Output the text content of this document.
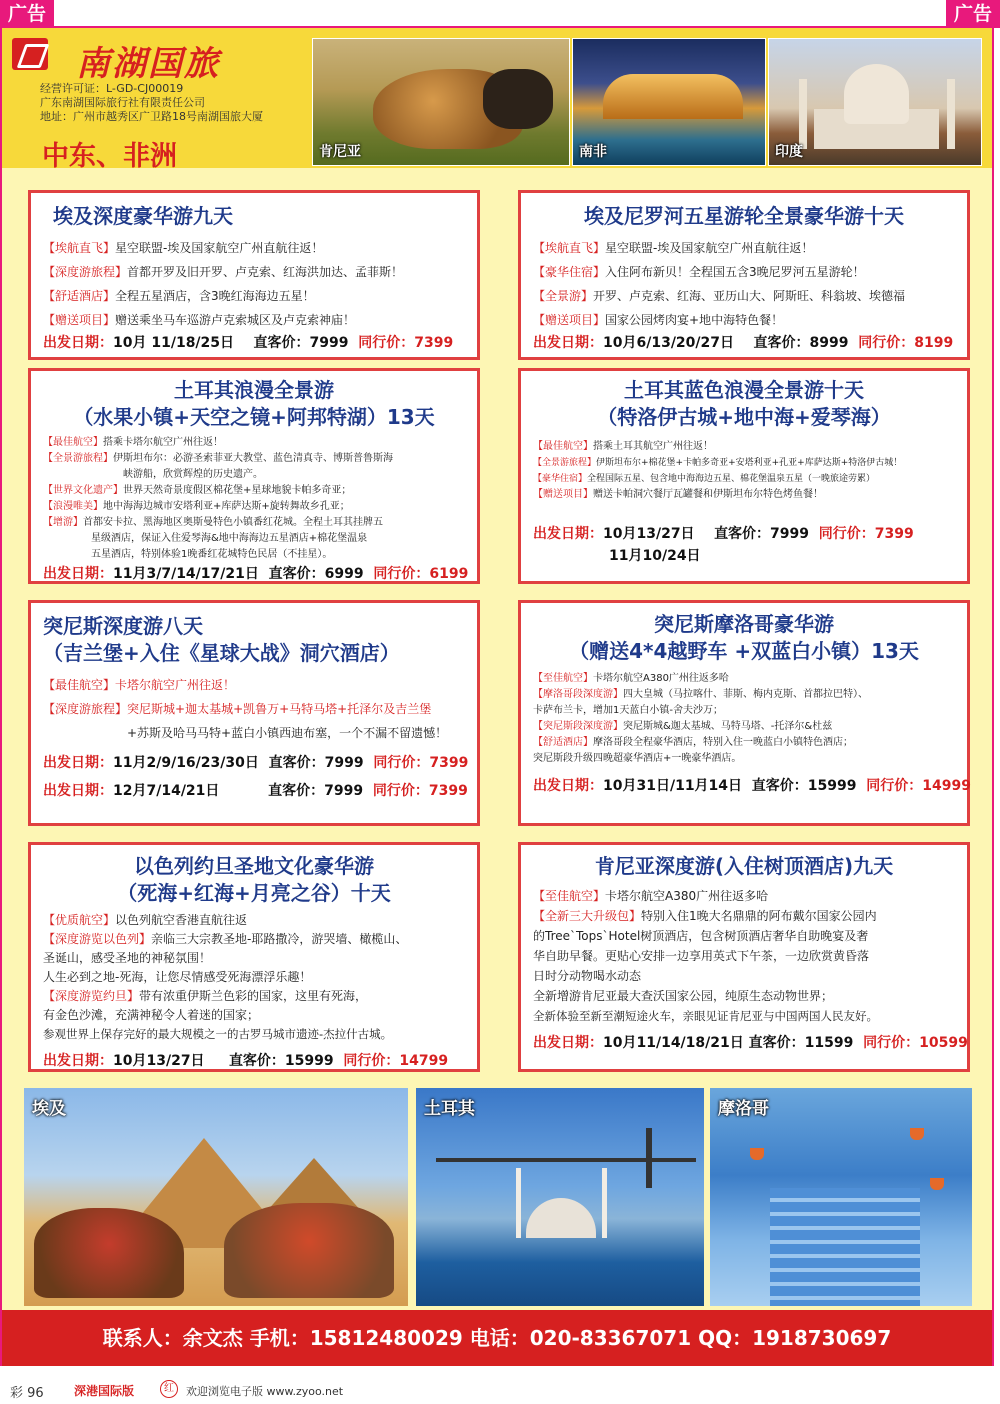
广告	广告
南湖国旅
经营许可证：L-GD-CJ00019
广东南湖国际旅行社有限责任公司
地址：广州市越秀区广卫路18号南湖国旅大厦
中东、非洲	肯尼亚	南非	印度
埃及深度豪华游九天
【埃航直飞】星空联盟-埃及国家航空广州直航往返！
【深度游旅程】首都开罗及旧开罗、卢克索、红海洪加达、孟菲斯！
【舒适酒店】全程五星酒店，含3晚红海海边五星！
【赠送项目】赠送乘坐马车巡游卢克索城区及卢克索神庙！
出发日期：10月 11/18/25日 直客价：7999 同行价：7399
埃及尼罗河五星游轮全景豪华游十天
【埃航直飞】星空联盟-埃及国家航空广州直航往返！
【豪华住宿】入住阿布新贝！全程国五含3晚尼罗河五星游轮！
【全景游】开罗、卢克索、红海、亚历山大、阿斯旺、科翁坡、埃德福
【赠送项目】国家公园烤肉宴+地中海特色餐！
出发日期：10月6/13/20/27日 直客价：8999 同行价：8199
土耳其浪漫全景游
（水果小镇+天空之镜+阿邦特湖）13天
【最佳航空】搭乘卡塔尔航空广州往返！
【全景游旅程】伊斯坦布尔：必游圣索菲亚大教堂、蓝色清真寺、博斯普鲁斯海
峡游船，欣赏辉煌的历史遗产。
【世界文化遗产】世界天然奇景度假区棉花堡+星球地貌卡帕多奇亚；
【浪漫唯美】地中海海边城市安塔利亚+库萨达斯+旋转舞故乡孔亚；
【增游】首都安卡拉、黑海地区奥斯曼特色小镇番红花城。全程土耳其挂牌五
星级酒店，保证入住爱琴海&地中海海边五星酒店+棉花堡温泉
五星酒店，特别体验1晚番红花城特色民居（不挂星）。
出发日期：11月3/7/14/17/21日 直客价：6999 同行价：6199
土耳其蓝色浪漫全景游十天
（特洛伊古城+地中海+爱琴海）
【最佳航空】搭乘土耳其航空广州往返！
【全景游旅程】伊斯坦布尔+棉花堡+卡帕多奇亚+安塔利亚+孔亚+库萨达斯+特洛伊古城！
【豪华住宿】全程国际五星、包含地中海海边五星、棉花堡温泉五星（一晚旅途劳累）
【赠送项目】赠送卡帕洞穴餐厅瓦罐餐和伊斯坦布尔特色烤鱼餐！
出发日期：10月13/27日 直客价：7999 同行价：7399
11月10/24日
突尼斯深度游八天
（吉兰堡+入住《星球大战》洞穴酒店）
【最佳航空】卡塔尔航空广州往返！
【深度游旅程】突尼斯城+迦太基城+凯鲁万+马特马塔+托泽尔及吉兰堡
+苏斯及哈马马特+蓝白小镇西迪布塞，一个不漏不留遗憾！
出发日期：11月2/9/16/23/30日 直客价：7999 同行价：7399
出发日期：12月7/14/21日	直客价：7999 同行价：7399
突尼斯摩洛哥豪华游
（赠送4*4越野车 +双蓝白小镇）13天
【至佳航空】卡塔尔航空A380广州往返多哈
【摩洛哥段深度游】四大皇城（马拉喀什、菲斯、梅内克斯、首都拉巴特）、
卡萨布兰卡，增加1天蓝白小镇-舍夫沙万；
【突尼斯段深度游】突尼斯城&迦太基城、马特马塔、-托泽尔&杜兹
【舒适酒店】摩洛哥段全程豪华酒店，特别入住一晚蓝白小镇特色酒店；
突尼斯段升级四晚超豪华酒店+一晚豪华酒店。
出发日期：10月31日/11月14日 直客价：15999 同行价：14999
以色列约旦圣地文化豪华游
（死海+红海+月亮之谷）十天
【优质航空】以色列航空香港直航往返
【深度游览以色列】亲临三大宗教圣地-耶路撒冷，游哭墙、橄榄山、
圣诞山，感受圣地的神秘氛围！
人生必到之地-死海，让您尽情感受死海漂浮乐趣！
【深度游览约旦】带有浓重伊斯兰色彩的国家，这里有死海，
有金色沙滩，充满神秘令人着迷的国家；
参观世界上保存完好的最大规模之一的古罗马城市遗迹-杰拉什古城。
出发日期：10月13/27日 直客价：15999 同行价：14799
肯尼亚深度游(入住树顶酒店)九天
【至佳航空】卡塔尔航空A380广州往返多哈
【全新三大升级包】特别入住1晚大名鼎鼎的阿布戴尔国家公园内
的Tree`Tops`Hotel树顶酒店，包含树顶酒店奢华自助晚宴及奢
华自助早餐。更贴心安排一边享用英式下午茶，一边欣赏黄昏落
日时分动物喝水动态
全新增游肯尼亚最大查沃国家公园，纯原生态动物世界；
全新体验至新至潮短途火车，亲眼见证肯尼亚与中国两国人民友好。
出发日期：10月11/14/18/21日 直客价：11599 同行价：10599
埃及	土耳其	摩洛哥
联系人：余文杰 手机：15812480029 电话：020-83367071 QQ：1918730697
彩 96	深港国际版	红	欢迎浏览电子版 www.zyoo.net
